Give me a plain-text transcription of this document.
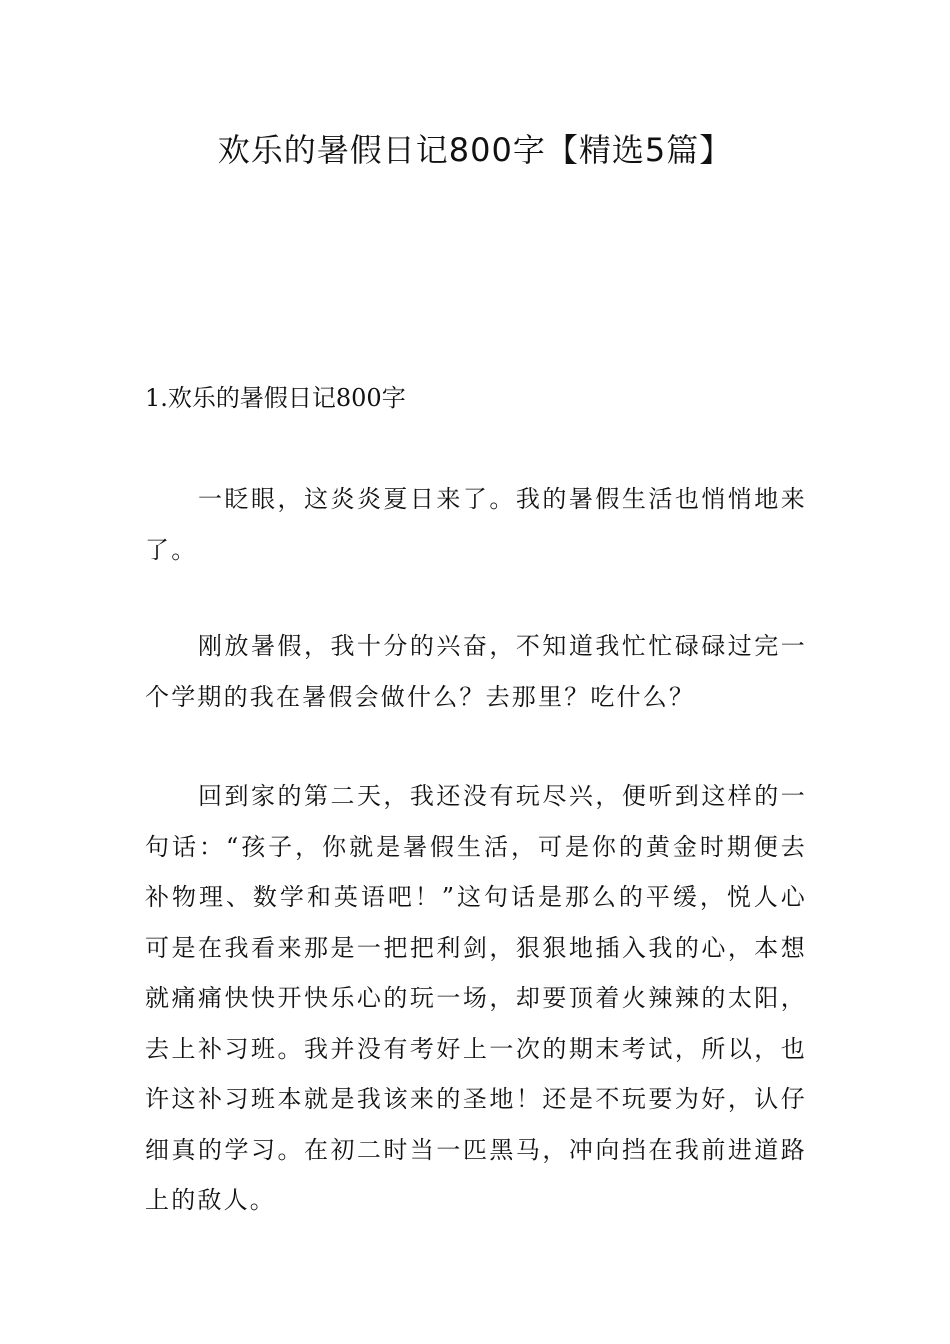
欢乐的暑假日记800字【精选5篇】
1.欢乐的暑假日记800字

一眨眼，这炎炎夏日来了。我的暑假生活也悄悄地来了。

刚放暑假，我十分的兴奋，不知道我忙忙碌碌过完一个学期的我在暑假会做什么？去那里？吃什么？

回到家的第二天，我还没有玩尽兴，便听到这样的一句话：“孩子，你就是暑假生活，可是你的黄金时期便去补物理、数学和英语吧！”这句话是那么的平缓，悦人心可是在我看来那是一把把利剑，狠狠地插入我的心，本想就痛痛快快开快乐心的玩一场，却要顶着火辣辣的太阳，去上补习班。我并没有考好上一次的期末考试，所以，也许这补习班本就是我该来的圣地！还是不玩要为好，认仔细真的学习。在初二时当一匹黑马，冲向挡在我前进道路上的敌人。
